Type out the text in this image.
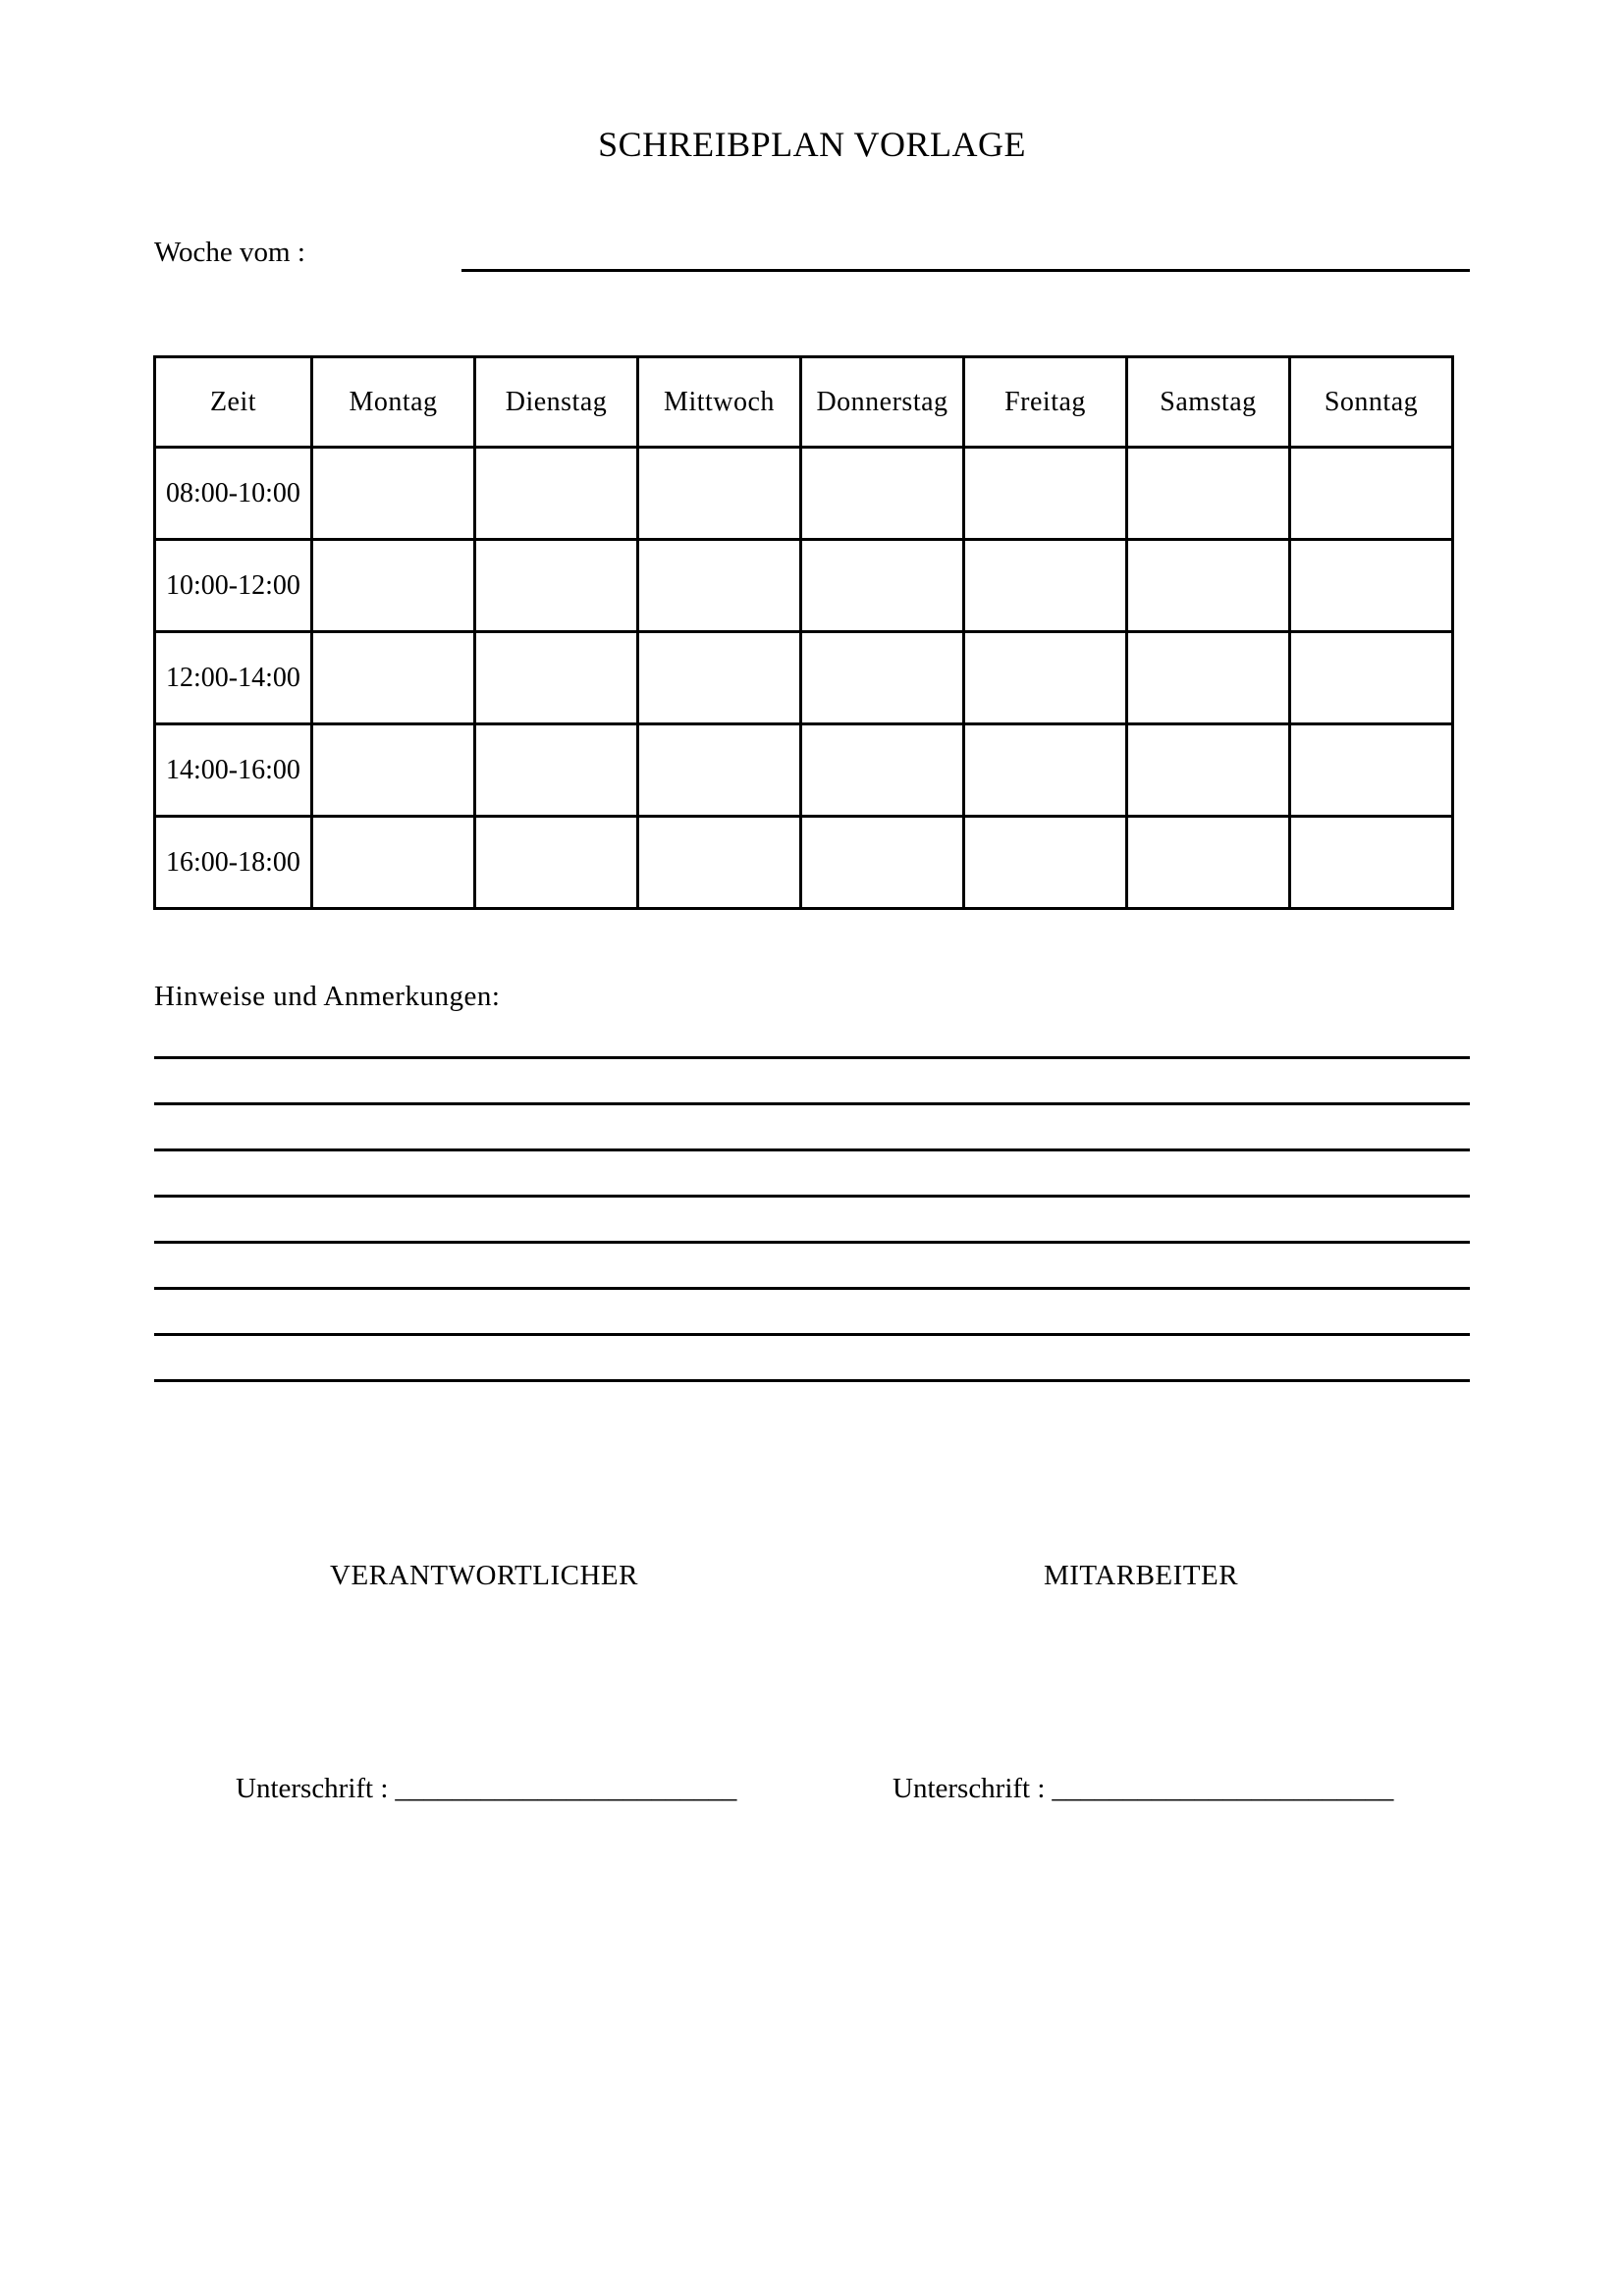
SCHREIBPLAN VORLAGE
Woche vom :
Zeit	Montag	Dienstag	Mittwoch	Donnerstag	Freitag	Samstag	Sonntag
08:00-10:00							
10:00-12:00							
12:00-14:00							
14:00-16:00							
16:00-18:00							
Hinweise und Anmerkungen:
VERANTWORTLICHER	MITARBEITER
Unterschrift : ________________________	Unterschrift : ________________________
